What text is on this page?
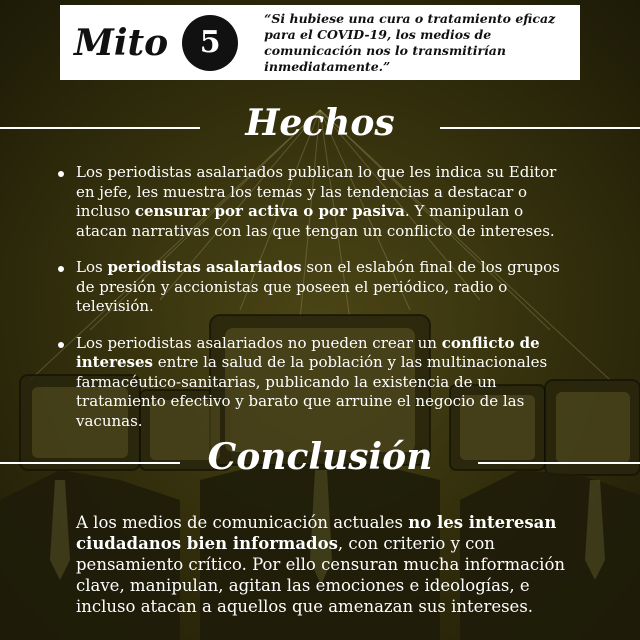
Mito	5
“Si hubiese una cura o tratamiento eficaz para el COVID-19, los medios de comunicación nos lo transmitirían inmediatamente.”
Hechos
Los periodistas asalariados publican lo que les indica su Editor en jefe, les muestra los temas y las tendencias a destacar o incluso censurar por activa o por pasiva. Y manipulan o atacan narrativas con las que tengan un conflicto de intereses.
Los periodistas asalariados son el eslabón final de los grupos de presión y accionistas que poseen el periódico, radio o televisión.
Los periodistas asalariados no pueden crear un conflicto de intereses entre la salud de la población y las multinacionales farmacéutico-sanitarias, publicando la existencia de un tratamiento efectivo y barato que arruine el negocio de las vacunas.
Conclusión
A los medios de comunicación actuales no les interesan ciudadanos bien informados, con criterio y con pensamiento crítico. Por ello censuran mucha información clave, manipulan, agitan las emociones e ideologías, e incluso atacan a aquellos que amenazan sus intereses.
